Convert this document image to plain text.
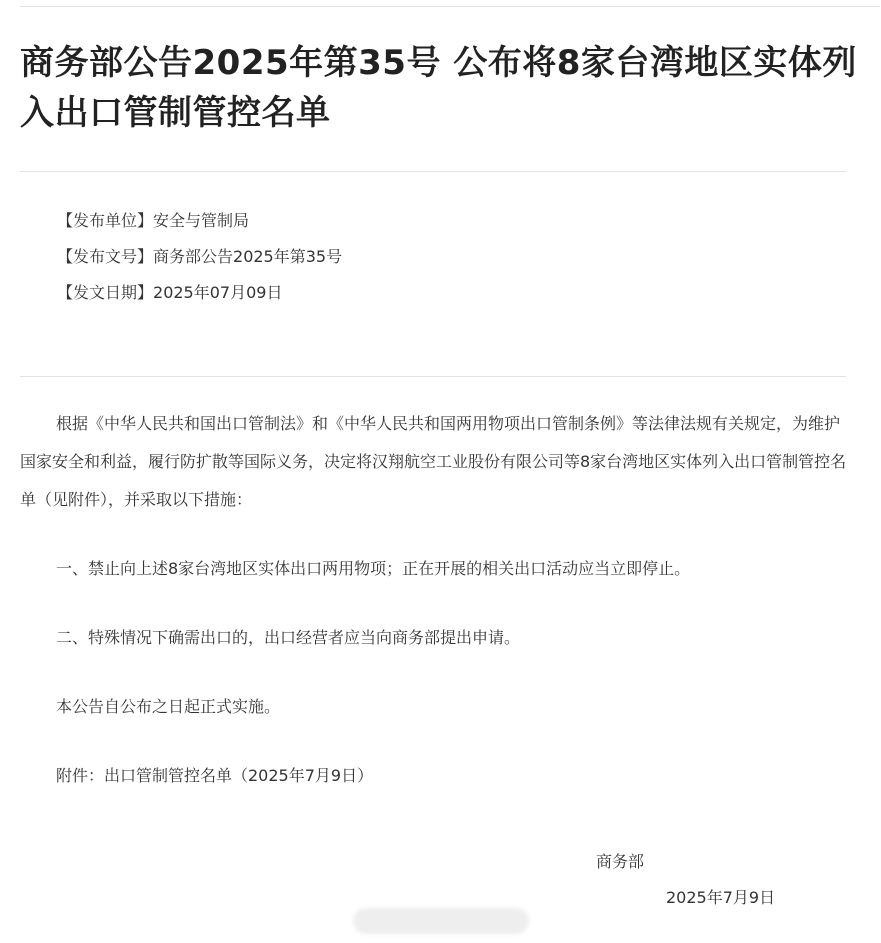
商务部公告2025年第35号 公布将8家台湾地区实体列入出口管制管控名单
【发布单位】安全与管制局
【发布文号】商务部公告2025年第35号
【发文日期】2025年07月09日

根据《中华人民共和国出口管制法》和《中华人民共和国两用物项出口管制条例》等法律法规有关规定，为维护国家安全和利益，履行防扩散等国际义务，决定将汉翔航空工业股份有限公司等8家台湾地区实体列入出口管制管控名单（见附件），并采取以下措施：

一、禁止向上述8家台湾地区实体出口两用物项；正在开展的相关出口活动应当立即停止。

二、特殊情况下确需出口的，出口经营者应当向商务部提出申请。

本公告自公布之日起正式实施。

附件：出口管制管控名单（2025年7月9日）

商务部
2025年7月9日
